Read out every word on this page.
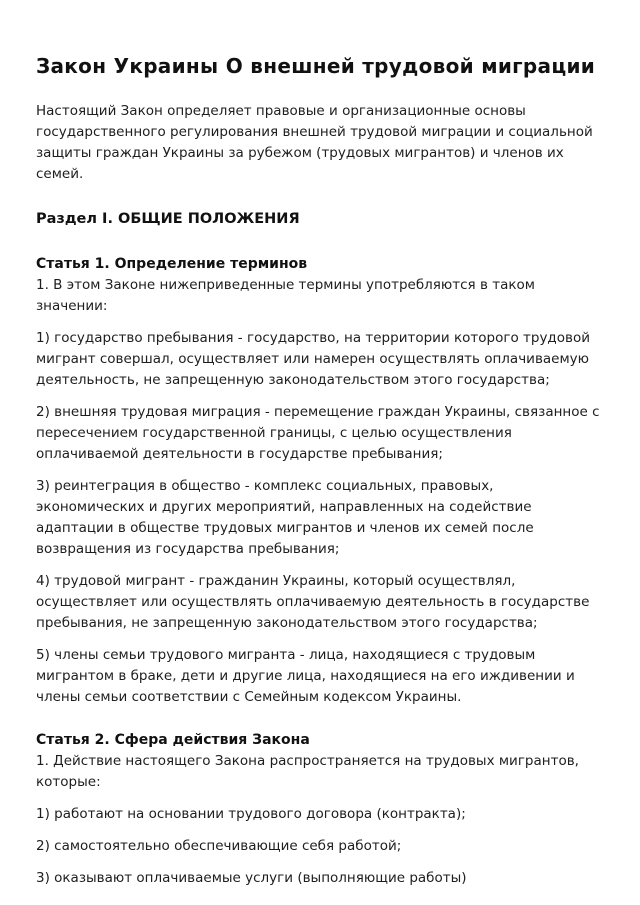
Закон Украины О внешней трудовой миграции

Настоящий Закон определяет правовые и организационные основы государственного регулирования внешней трудовой миграции и социальной защиты граждан Украины за рубежом (трудовых мигрантов) и членов их семей.

Раздел I. ОБЩИЕ ПОЛОЖЕНИЯ
Статья 1. Определение терминов

1. В этом Законе нижеприведенные термины употребляются в таком значении:

1) государство пребывания - государство, на территории которого трудовой мигрант совершал, осуществляет или намерен осуществлять оплачиваемую деятельность, не запрещенную законодательством этого государства;

2) внешняя трудовая миграция - перемещение граждан Украины, связанное с пересечением государственной границы, с целью осуществления оплачиваемой деятельности в государстве пребывания;

3) реинтеграция в общество - комплекс социальных, правовых, экономических и других мероприятий, направленных на содействие адаптации в обществе трудовых мигрантов и членов их семей после возвращения из государства пребывания;

4) трудовой мигрант - гражданин Украины, который осуществлял, осуществляет или осуществлять оплачиваемую деятельность в государстве пребывания, не запрещенную законодательством этого государства;

5) члены семьи трудового мигранта - лица, находящиеся с трудовым мигрантом в браке, дети и другие лица, находящиеся на его иждивении и члены семьи соответствии с Семейным кодексом Украины.

Статья 2. Сфера действия Закона

1. Действие настоящего Закона распространяется на трудовых мигрантов, которые:

1) работают на основании трудового договора (контракта);

2) самостоятельно обеспечивающие себя работой;

3) оказывают оплачиваемые услуги (выполняющие работы)
